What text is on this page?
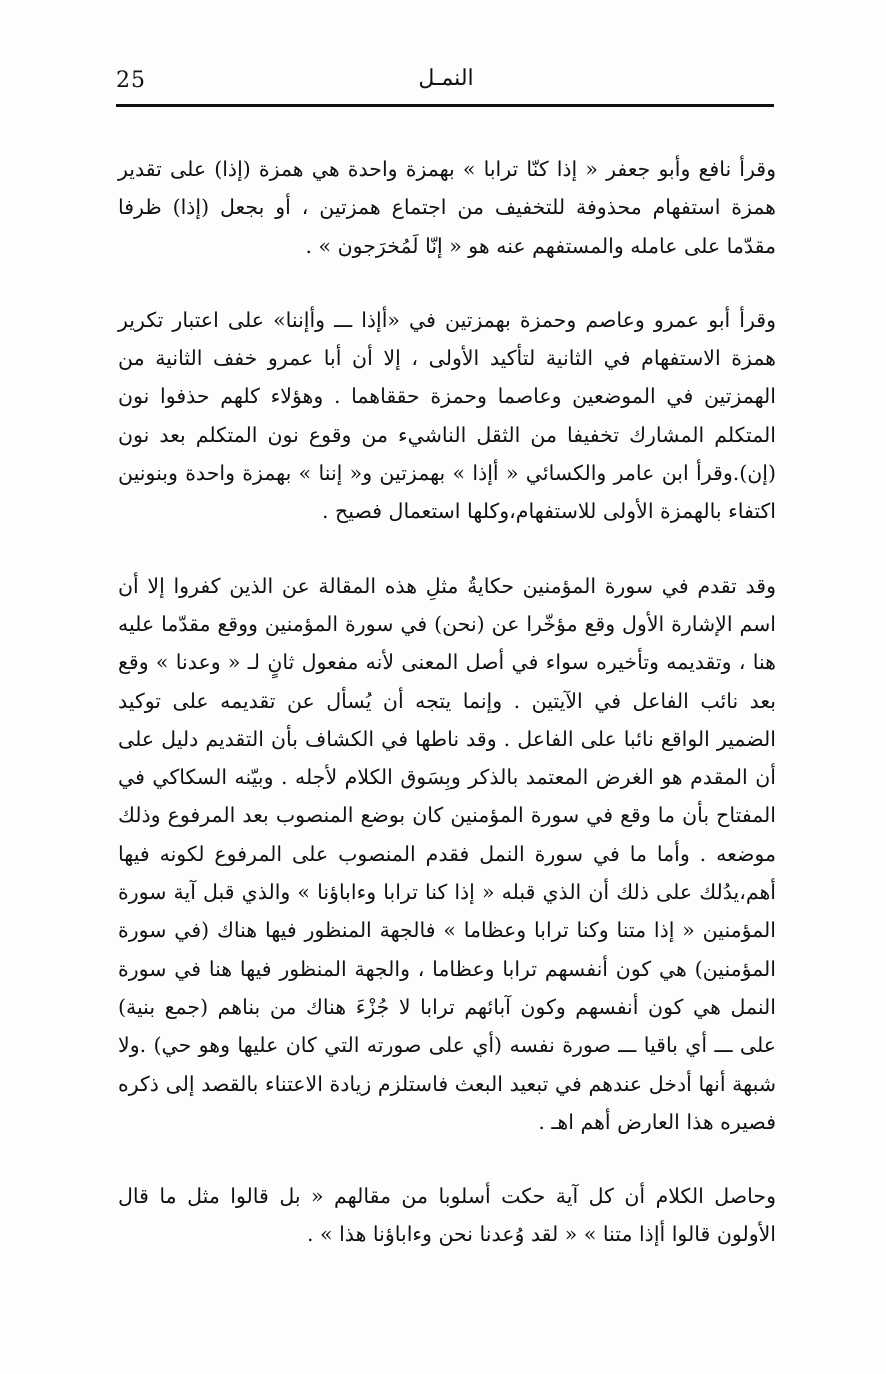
25	النمـل

وقرأ نافع وأبو جعفر « إذا كنّا ترابا » بهمزة واحدة هي همزة (إذا) على تقدير همزة استفهام محذوفة للتخفيف من اجتماع همزتين ، أو بجعل (إذا) ظرفا مقدّما على عامله والمستفهم عنه هو « إنّا لَمُخرَجون » .

وقرأ أبو عمرو وعاصم وحمزة بهمزتين في «أإذا ـــ وأإننا» على اعتبار تكرير همزة الاستفهام في الثانية لتأكيد الأولى ، إلا أن أبا عمرو خفف الثانية من الهمزتين في الموضعين وعاصما وحمزة حققاهما . وهؤلاء كلهم حذفوا نون المتكلم المشارك تخفيفا من الثقل الناشيء من وقوع نون المتكلم بعد نون (إن).وقرأ ابن عامر والكسائي « أإذا » بهمزتين و« إننا » بهمزة واحدة وبنونين اكتفاء بالهمزة الأولى للاستفهام،وكلها استعمال فصيح .

وقد تقدم في سورة المؤمنين حكايةُ مثلِ هذه المقالة عن الذين كفروا إلا أن اسم الإشارة الأول وقع مؤخّرا عن (نحن) في سورة المؤمنين ووقع مقدّما عليه هنا ، وتقديمه وتأخيره سواء في أصل المعنى لأنه مفعول ثانٍ لـ « وعدنا » وقع بعد نائب الفاعل في الآيتين . وإنما يتجه أن يُسأل عن تقديمه على توكيد الضمير الواقع نائبا على الفاعل . وقد ناطها في الكشاف بأن التقديم دليل على أن المقدم هو الغرض المعتمد بالذكر وبِسَوق الكلام لأجله . وبيّنه السكاكي في المفتاح بأن ما وقع في سورة المؤمنين كان بوضع المنصوب بعد المرفوع وذلك موضعه . وأما ما في سورة النمل فقدم المنصوب على المرفوع لكونه فيها أهم،يدُلك على ذلك أن الذي قبله « إذا كنا ترابا وءاباؤنا » والذي قبل آية سورة المؤمنين « إذا متنا وكنا ترابا وعظاما » فالجهة المنظور فيها هناك (في سورة المؤمنين) هي كون أنفسهم ترابا وعظاما ، والجهة المنظور فيها هنا في سورة النمل هي كون أنفسهم وكون آبائهم ترابا لا جُزْءَ هناك من بناهم (جمع بنية) على ـــ أي باقيا ـــ صورة نفسه (أي على صورته التي كان عليها وهو حي) .ولا شبهة أنها أدخل عندهم في تبعيد البعث فاستلزم زيادة الاعتناء بالقصد إلى ذكره فصيره هذا العارض أهم اهـ .

وحاصل الكلام أن كل آية حكت أسلوبا من مقالهم « بل قالوا مثل ما قال الأولون قالوا أإذا متنا » « لقد وُعدنا نحن وءاباؤنا هذا » .
